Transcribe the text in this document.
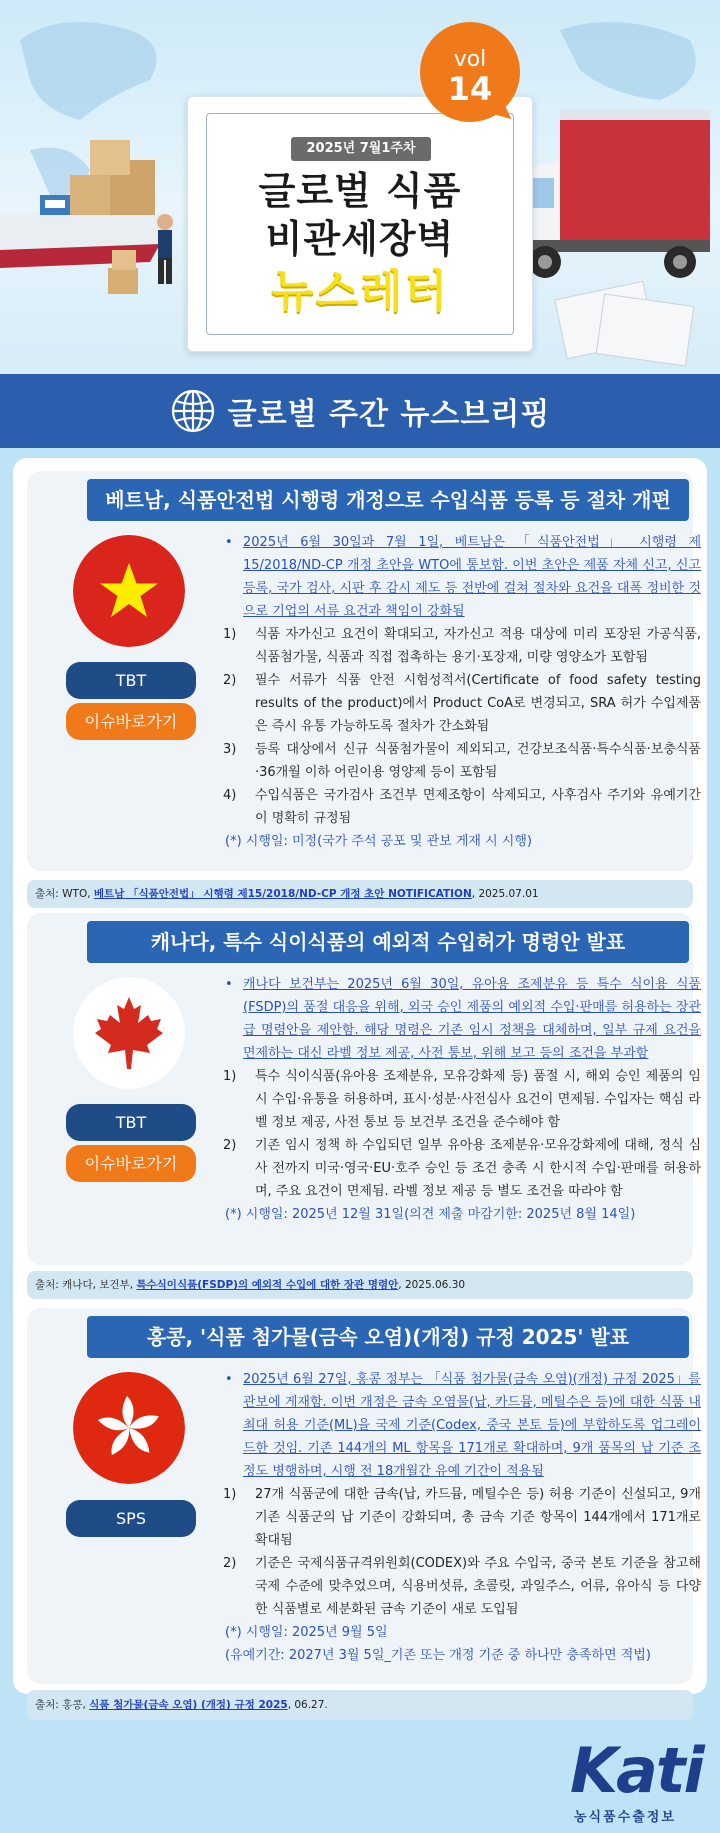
2025년 7월1주차
글로벌 식품
비관세장벽
뉴스레터
vol
14
글로벌 주간 뉴스브리핑
베트남, 식품안전법 시행령 개정으로 수입식품 등록 등 절차 개편
TBT
이슈바로가기
• 2025년 6월 30일과 7월 1일, 베트남은 「식품안전법」 시행령 제15/2018/ND-CP 개정 초안을 WTO에 통보함. 이번 초안은 제품 자체 신고, 신고 등록, 국가 검사, 시판 후 감시 제도 등 전반에 걸쳐 절차와 요건을 대폭 정비한 것으로 기업의 서류 요건과 책임이 강화됨
1) 식품 자가신고 요건이 확대되고, 자가신고 적용 대상에 미리 포장된 가공식품, 식품첨가물, 식품과 직접 접촉하는 용기·포장재, 미량 영양소가 포함됨
2) 필수 서류가 식품 안전 시험성적서(Certificate of food safety testing results of the product)에서 Product CoA로 변경되고, SRA 허가 수입제품은 즉시 유통 가능하도록 절차가 간소화됨
3) 등록 대상에서 신규 식품첨가물이 제외되고, 건강보조식품·특수식품·보충식품·36개월 이하 어린이용 영양제 등이 포함됨
4) 수입식품은 국가검사 조건부 면제조항이 삭제되고, 사후검사 주기와 유예기간이 명확히 규정됨
(*) 시행일: 미정(국가 주석 공포 및 관보 게재 시 시행)
출처: WTO, 베트남 「식품안전법」 시행령 제15/2018/ND-CP 개정 초안 NOTIFICATION, 2025.07.01
캐나다, 특수 식이식품의 예외적 수입허가 명령안 발표
TBT
이슈바로가기
• 캐나다 보건부는 2025년 6월 30일, 유아용 조제분유 등 특수 식이용 식품(FSDP)의 품절 대응을 위해, 외국 승인 제품의 예외적 수입·판매를 허용하는 장관급 명령안을 제안함. 해당 명령은 기존 임시 정책을 대체하며, 일부 규제 요건을 면제하는 대신 라벨 정보 제공, 사전 통보, 위해 보고 등의 조건을 부과함
1) 특수 식이식품(유아용 조제분유, 모유강화제 등) 품절 시, 해외 승인 제품의 임시 수입·유통을 허용하며, 표시·성분·사전심사 요건이 면제됨. 수입자는 핵심 라벨 정보 제공, 사전 통보 등 보건부 조건을 준수해야 함
2) 기존 임시 정책 하 수입되던 일부 유아용 조제분유·모유강화제에 대해, 정식 심사 전까지 미국·영국·EU·호주 승인 등 조건 충족 시 한시적 수입·판매를 허용하며, 주요 요건이 면제됨. 라벨 정보 제공 등 별도 조건을 따라야 함
(*) 시행일: 2025년 12월 31일(의견 제출 마감기한: 2025년 8월 14일)
출처: 캐나다, 보건부, 특수식이식품(FSDP)의 예외적 수입에 대한 장관 명령안, 2025.06.30
홍콩, '식품 첨가물(금속 오염)(개정) 규정 2025' 발표
SPS
• 2025년 6월 27일, 홍콩 정부는 「식품 첨가물(금속 오염)(개정) 규정 2025」를 관보에 게재함. 이번 개정은 금속 오염물(납, 카드뮴, 메틸수은 등)에 대한 식품 내 최대 허용 기준(ML)을 국제 기준(Codex, 중국 본토 등)에 부합하도록 업그레이드한 것임. 기존 144개의 ML 항목을 171개로 확대하며, 9개 품목의 납 기준 조정도 병행하며, 시행 전 18개월간 유예 기간이 적용됨
1) 27개 식품군에 대한 금속(납, 카드뮴, 메틸수은 등) 허용 기준이 신설되고, 9개 기존 식품군의 납 기준이 강화되며, 총 금속 기준 항목이 144개에서 171개로 확대됨
2) 기준은 국제식품규격위원회(CODEX)와 주요 수입국, 중국 본토 기준을 참고해 국제 수준에 맞추었으며, 식용버섯류, 초콜릿, 과일주스, 어류, 유아식 등 다양한 식품별로 세분화된 금속 기준이 새로 도입됨
(*) 시행일: 2025년 9월 5일
(유예기간: 2027년 3월 5일_기존 또는 개정 기준 중 하나만 충족하면 적법)
출처: 홍콩, 식품 첨가물(금속 오염) (개정) 규정 2025, 06.27.
Kati
농식품수출정보
